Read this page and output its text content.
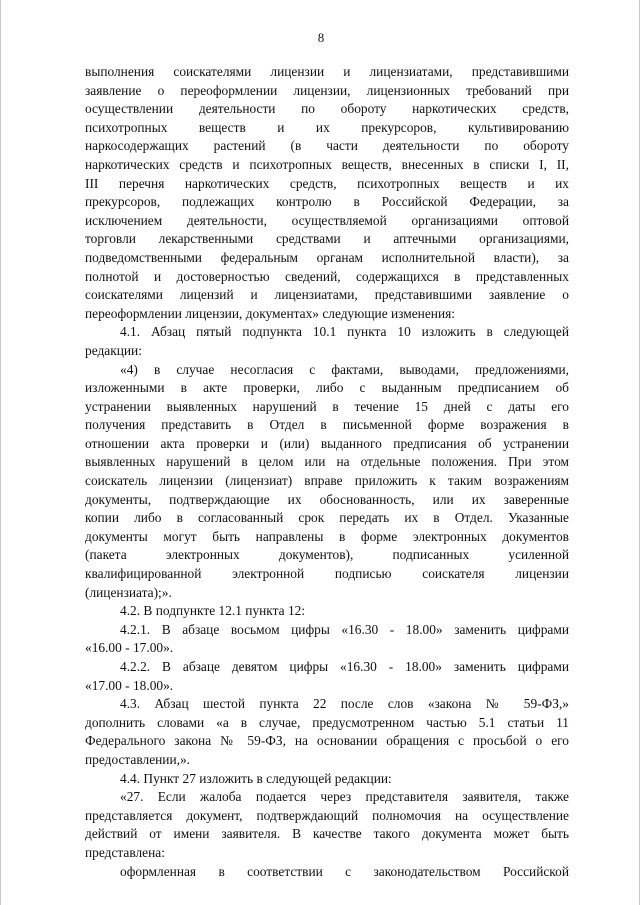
8
выполнения соискателями лицензии и лицензиатами, представившими
заявление о переоформлении лицензии, лицензионных требований при
осуществлении деятельности по обороту наркотических средств,
психотропных веществ и их прекурсоров, культивированию
наркосодержащих растений (в части деятельности по обороту
наркотических средств и психотропных веществ, внесенных в списки I, II,
III перечня наркотических средств, психотропных веществ и их
прекурсоров, подлежащих контролю в Российской Федерации, за
исключением деятельности, осуществляемой организациями оптовой
торговли лекарственными средствами и аптечными организациями,
подведомственными федеральным органам исполнительной власти), за
полнотой и достоверностью сведений, содержащихся в представленных
соискателями лицензий и лицензиатами, представившими заявление о
переоформлении лицензии, документах» следующие изменения:
4.1. Абзац пятый подпункта 10.1 пункта 10 изложить в следующей
редакции:
«4) в случае несогласия с фактами, выводами, предложениями,
изложенными в акте проверки, либо с выданным предписанием об
устранении выявленных нарушений в течение 15 дней с даты его
получения представить в Отдел в письменной форме возражения в
отношении акта проверки и (или) выданного предписания об устранении
выявленных нарушений в целом или на отдельные положения. При этом
соискатель лицензии (лицензиат) вправе приложить к таким возражениям
документы, подтверждающие их обоснованность, или их заверенные
копии либо в согласованный срок передать их в Отдел. Указанные
документы могут быть направлены в форме электронных документов
(пакета электронных документов), подписанных усиленной
квалифицированной электронной подписью соискателя лицензии
(лицензиата);».
4.2. В подпункте 12.1 пункта 12:
4.2.1. В абзаце восьмом цифры «16.30 - 18.00» заменить цифрами
«16.00 - 17.00».
4.2.2. В абзаце девятом цифры «16.30 - 18.00» заменить цифрами
«17.00 - 18.00».
4.3. Абзац шестой пункта 22 после слов «закона № 59-ФЗ,»
дополнить словами «а в случае, предусмотренном частью 5.1 статьи 11
Федерального закона № 59-ФЗ, на основании обращения с просьбой о его
предоставлении,».
4.4. Пункт 27 изложить в следующей редакции:
«27. Если жалоба подается через представителя заявителя, также
представляется документ, подтверждающий полномочия на осуществление
действий от имени заявителя. В качестве такого документа может быть
представлена:
оформленная в соответствии с законодательством Российской
